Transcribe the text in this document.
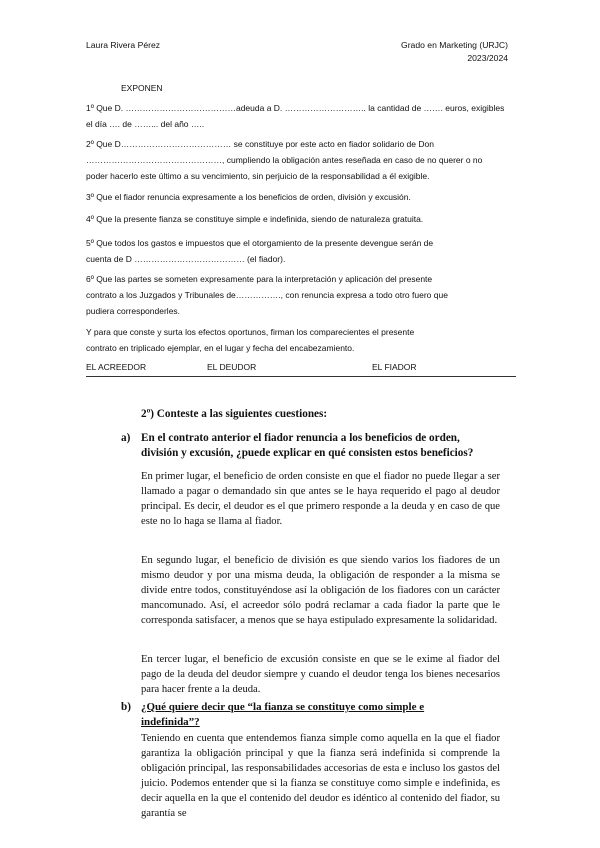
Laura Rivera Pérez	Grado en Marketing (URJC)
2023/2024
EXPONEN
1º Que D. …………………………………adeuda a D. ……………………….. la cantidad de ……. euros, exigibles
el día …. de ……... del año …..
2º Que D………………………………… se constituye por este acto en fiador solidario de Don
…………………………………………, cumpliendo la obligación antes reseñada en caso de no querer o no
poder hacerlo este último a su vencimiento, sin perjuicio de la responsabilidad a él exigible.
3º Que el fiador renuncia expresamente a los beneficios de orden, división y excusión.
4º Que la presente fianza se constituye simple e indefinida, siendo de naturaleza gratuita.
5º Que todos los gastos e impuestos que el otorgamiento de la presente devengue serán de
cuenta de D ………………………………… (el fiador).
6º Que las partes se someten expresamente para la interpretación y aplicación del presente
contrato a los Juzgados y Tribunales de……………., con renuncia expresa a todo otro fuero que
pudiera corresponderles.
Y para que conste y surta los efectos oportunos, firman los comparecientes el presente
contrato en triplicado ejemplar, en el lugar y fecha del encabezamiento.
EL ACREEDOR	EL DEUDOR	EL FIADOR
2º) Conteste a las siguientes cuestiones:
a) En el contrato anterior el fiador renuncia a los beneficios de orden,
división y excusión, ¿puede explicar en qué consisten estos beneficios?
En primer lugar, el beneficio de orden consiste en que el fiador no puede llegar a ser llamado a pagar o demandado sin que antes se le haya requerido el pago al deudor principal. Es decir, el deudor es el que primero responde a la deuda y en caso de que este no lo haga se llama al fiador.
En segundo lugar, el beneficio de división es que siendo varios los fiadores de un mismo deudor y por una misma deuda, la obligación de responder a la misma se divide entre todos, constituyéndose así la obligación de los fiadores con un carácter mancomunado. Así, el acreedor sólo podrá reclamar a cada fiador la parte que le corresponda satisfacer, a menos que se haya estipulado expresamente la solidaridad.
En tercer lugar, el beneficio de excusión consiste en que se le exime al fiador del pago de la deuda del deudor siempre y cuando el deudor tenga los bienes necesarios para hacer frente a la deuda.
b) ¿Qué quiere decir que “la fianza se constituye como simple e
indefinida”?
Teniendo en cuenta que entendemos fianza simple como aquella en la que el fiador garantiza la obligación principal y que la fianza será indefinida si comprende la obligación principal, las responsabilidades accesorias de esta e incluso los gastos del juicio. Podemos entender que si la fianza se constituye como simple e indefinida, es decir aquella en la que el contenido del deudor es idéntico al contenido del fiador, su garantía se
